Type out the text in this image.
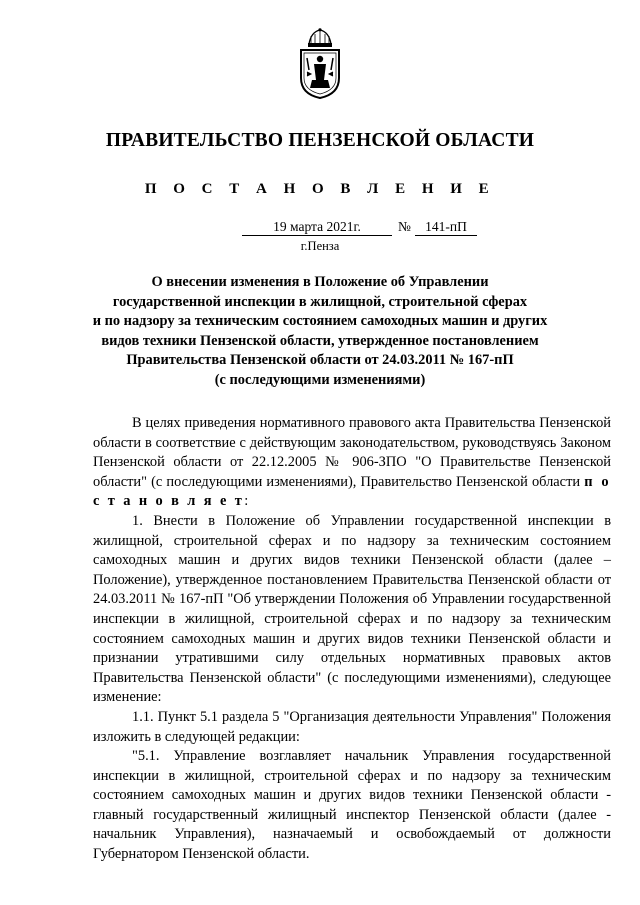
ПРАВИТЕЛЬСТВО ПЕНЗЕНСКОЙ ОБЛАСТИ
П О С Т А Н О В Л Е Н И Е
19 марта 2021г.	№	141-пП
г.Пенза
О внесении изменения в Положение об Управлении
государственной инспекции в жилищной, строительной сферах
и по надзору за техническим состоянием самоходных машин и других
видов техники Пензенской области, утвержденное постановлением
Правительства Пензенской области от 24.03.2011 № 167-пП
(с последующими изменениями)

В целях приведения нормативного правового акта Правительства Пензенской области в соответствие с действующим законодательством, руководствуясь Законом Пензенской области от 22.12.2005 № 906-ЗПО "О Правительстве Пензенской области" (с последующими изменениями), Правительство Пензенской области п о с т а н о в л я е т:

1. Внести в Положение об Управлении государственной инспекции в жилищной, строительной сферах и по надзору за техническим состоянием самоходных машин и других видов техники Пензенской области (далее – Положение), утвержденное постановлением Правительства Пензенской области от 24.03.2011 № 167-пП "Об утверждении Положения об Управлении государственной инспекции в жилищной, строительной сферах и по надзору за техническим состоянием самоходных машин и других видов техники Пензенской области и признании утратившими силу отдельных нормативных правовых актов Правительства Пензенской области" (с последующими изменениями), следующее изменение:

1.1. Пункт 5.1 раздела 5 "Организация деятельности Управления" Положения изложить в следующей редакции:

"5.1. Управление возглавляет начальник Управления государственной инспекции в жилищной, строительной сферах и по надзору за техническим состоянием самоходных машин и других видов техники Пензенской области - главный государственный жилищный инспектор Пензенской области (далее - начальник Управления), назначаемый и освобождаемый от должности Губернатором Пензенской области.
